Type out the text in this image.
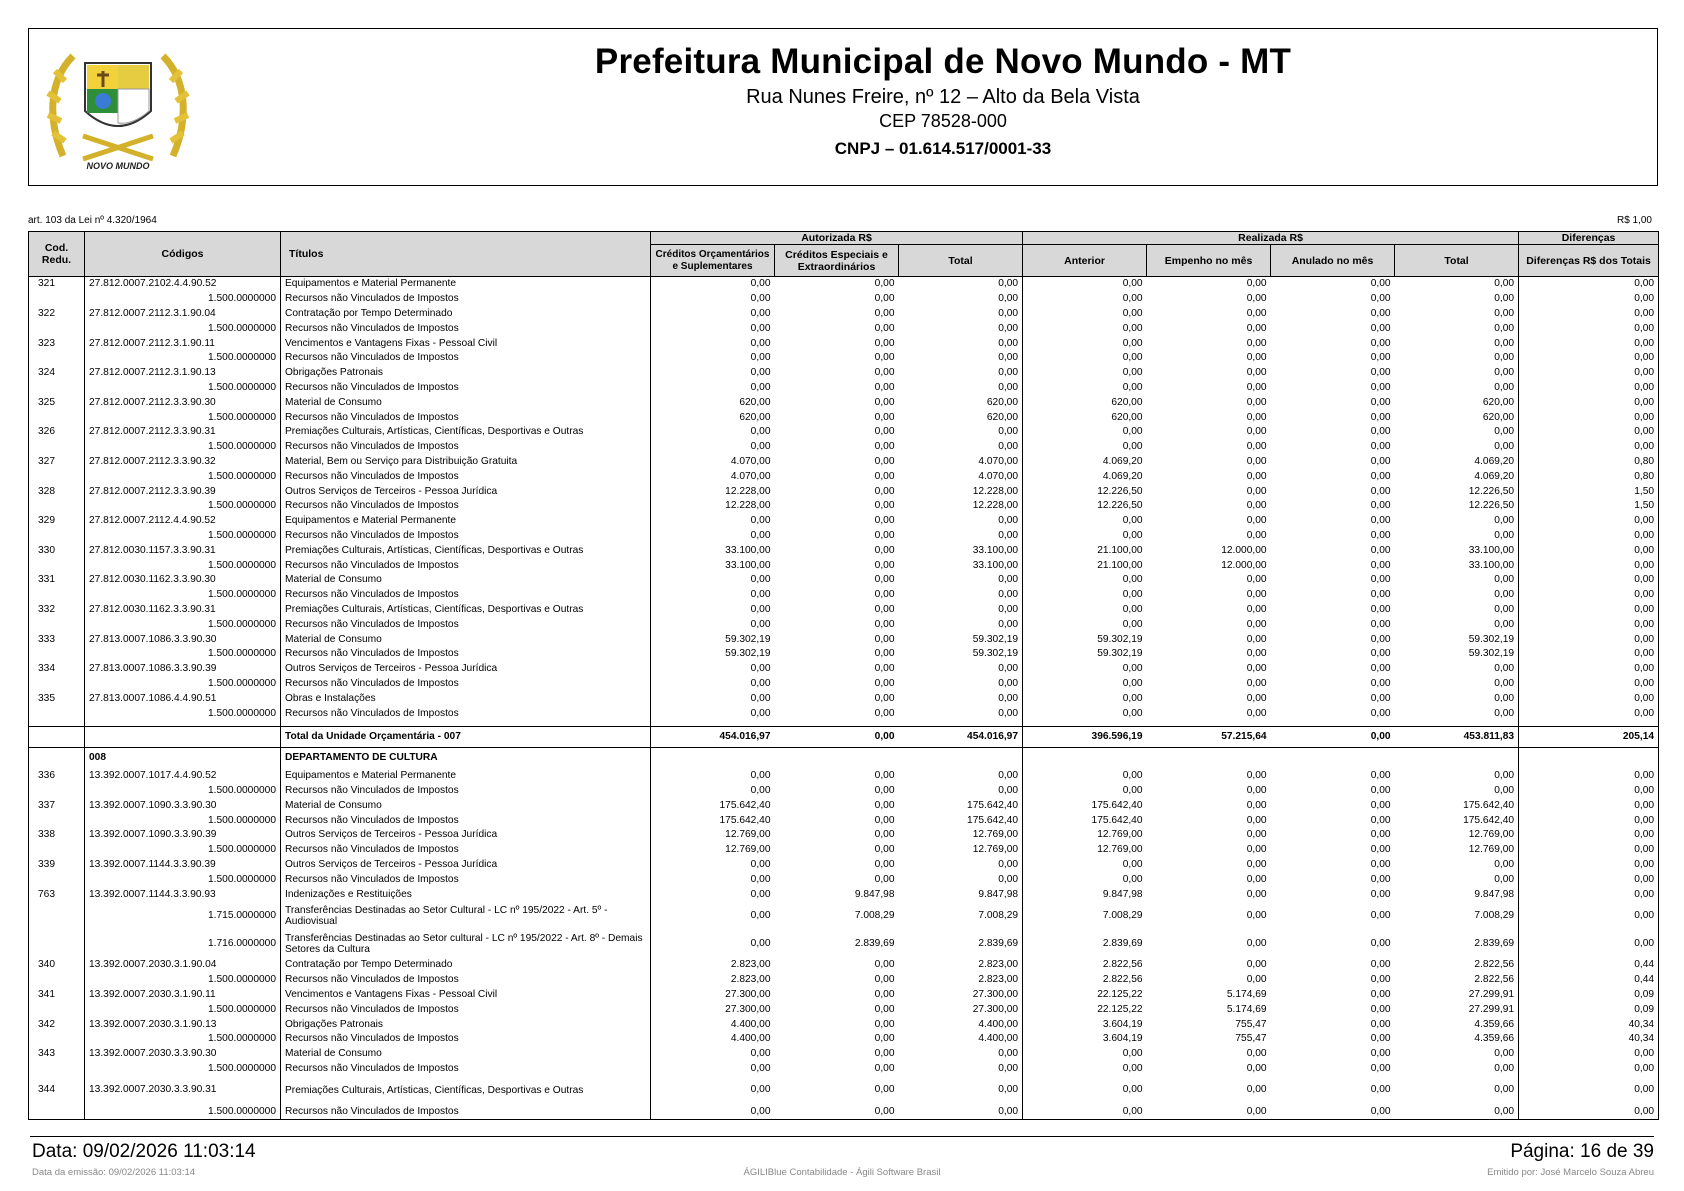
NOVO MUNDO
Prefeitura Municipal de Novo Mundo - MT
Rua Nunes Freire, nº 12 – Alto da Bela Vista
CEP 78528-000
CNPJ – 01.614.517/0001-33
art. 103 da Lei nº 4.320/1964	R$ 1,00
Cod. Redu.	Códigos	Títulos	Autorizada R$			Realizada R$				Diferenças
			Créditos Orçamentários e Suplementares	Créditos Especiais e Extraordinários	Total	Anterior	Empenho no mês	Anulado no mês	Total	Diferenças R$ dos Totais
321	27.812.0007.2102.4.4.90.52	Equipamentos e Material Permanente	0,00	0,00	0,00	0,00	0,00	0,00	0,00	0,00
	1.500.0000000	Recursos não Vinculados de Impostos	0,00	0,00	0,00	0,00	0,00	0,00	0,00	0,00
322	27.812.0007.2112.3.1.90.04	Contratação por Tempo Determinado	0,00	0,00	0,00	0,00	0,00	0,00	0,00	0,00
	1.500.0000000	Recursos não Vinculados de Impostos	0,00	0,00	0,00	0,00	0,00	0,00	0,00	0,00
323	27.812.0007.2112.3.1.90.11	Vencimentos e Vantagens Fixas - Pessoal Civil	0,00	0,00	0,00	0,00	0,00	0,00	0,00	0,00
	1.500.0000000	Recursos não Vinculados de Impostos	0,00	0,00	0,00	0,00	0,00	0,00	0,00	0,00
324	27.812.0007.2112.3.1.90.13	Obrigações Patronais	0,00	0,00	0,00	0,00	0,00	0,00	0,00	0,00
	1.500.0000000	Recursos não Vinculados de Impostos	0,00	0,00	0,00	0,00	0,00	0,00	0,00	0,00
325	27.812.0007.2112.3.3.90.30	Material de Consumo	620,00	0,00	620,00	620,00	0,00	0,00	620,00	0,00
	1.500.0000000	Recursos não Vinculados de Impostos	620,00	0,00	620,00	620,00	0,00	0,00	620,00	0,00
326	27.812.0007.2112.3.3.90.31	Premiações Culturais, Artísticas, Científicas, Desportivas e Outras	0,00	0,00	0,00	0,00	0,00	0,00	0,00	0,00
	1.500.0000000	Recursos não Vinculados de Impostos	0,00	0,00	0,00	0,00	0,00	0,00	0,00	0,00
327	27.812.0007.2112.3.3.90.32	Material, Bem ou Serviço para Distribuição Gratuita	4.070,00	0,00	4.070,00	4.069,20	0,00	0,00	4.069,20	0,80
	1.500.0000000	Recursos não Vinculados de Impostos	4.070,00	0,00	4.070,00	4.069,20	0,00	0,00	4.069,20	0,80
328	27.812.0007.2112.3.3.90.39	Outros Serviços de Terceiros - Pessoa Jurídica	12.228,00	0,00	12.228,00	12.226,50	0,00	0,00	12.226,50	1,50
	1.500.0000000	Recursos não Vinculados de Impostos	12.228,00	0,00	12.228,00	12.226,50	0,00	0,00	12.226,50	1,50
329	27.812.0007.2112.4.4.90.52	Equipamentos e Material Permanente	0,00	0,00	0,00	0,00	0,00	0,00	0,00	0,00
	1.500.0000000	Recursos não Vinculados de Impostos	0,00	0,00	0,00	0,00	0,00	0,00	0,00	0,00
330	27.812.0030.1157.3.3.90.31	Premiações Culturais, Artísticas, Científicas, Desportivas e Outras	33.100,00	0,00	33.100,00	21.100,00	12.000,00	0,00	33.100,00	0,00
	1.500.0000000	Recursos não Vinculados de Impostos	33.100,00	0,00	33.100,00	21.100,00	12.000,00	0,00	33.100,00	0,00
331	27.812.0030.1162.3.3.90.30	Material de Consumo	0,00	0,00	0,00	0,00	0,00	0,00	0,00	0,00
	1.500.0000000	Recursos não Vinculados de Impostos	0,00	0,00	0,00	0,00	0,00	0,00	0,00	0,00
332	27.812.0030.1162.3.3.90.31	Premiações Culturais, Artísticas, Científicas, Desportivas e Outras	0,00	0,00	0,00	0,00	0,00	0,00	0,00	0,00
	1.500.0000000	Recursos não Vinculados de Impostos	0,00	0,00	0,00	0,00	0,00	0,00	0,00	0,00
333	27.813.0007.1086.3.3.90.30	Material de Consumo	59.302,19	0,00	59.302,19	59.302,19	0,00	0,00	59.302,19	0,00
	1.500.0000000	Recursos não Vinculados de Impostos	59.302,19	0,00	59.302,19	59.302,19	0,00	0,00	59.302,19	0,00
334	27.813.0007.1086.3.3.90.39	Outros Serviços de Terceiros - Pessoa Jurídica	0,00	0,00	0,00	0,00	0,00	0,00	0,00	0,00
	1.500.0000000	Recursos não Vinculados de Impostos	0,00	0,00	0,00	0,00	0,00	0,00	0,00	0,00
335	27.813.0007.1086.4.4.90.51	Obras e Instalações	0,00	0,00	0,00	0,00	0,00	0,00	0,00	0,00
	1.500.0000000	Recursos não Vinculados de Impostos	0,00	0,00	0,00	0,00	0,00	0,00	0,00	0,00

		Total da Unidade Orçamentária - 007	454.016,97	0,00	454.016,97	396.596,19	57.215,64	0,00	453.811,83	205,14
	008	DEPARTAMENTO DE CULTURA								
336	13.392.0007.1017.4.4.90.52	Equipamentos e Material Permanente	0,00	0,00	0,00	0,00	0,00	0,00	0,00	0,00
	1.500.0000000	Recursos não Vinculados de Impostos	0,00	0,00	0,00	0,00	0,00	0,00	0,00	0,00
337	13.392.0007.1090.3.3.90.30	Material de Consumo	175.642,40	0,00	175.642,40	175.642,40	0,00	0,00	175.642,40	0,00
	1.500.0000000	Recursos não Vinculados de Impostos	175.642,40	0,00	175.642,40	175.642,40	0,00	0,00	175.642,40	0,00
338	13.392.0007.1090.3.3.90.39	Outros Serviços de Terceiros - Pessoa Jurídica	12.769,00	0,00	12.769,00	12.769,00	0,00	0,00	12.769,00	0,00
	1.500.0000000	Recursos não Vinculados de Impostos	12.769,00	0,00	12.769,00	12.769,00	0,00	0,00	12.769,00	0,00
339	13.392.0007.1144.3.3.90.39	Outros Serviços de Terceiros - Pessoa Jurídica	0,00	0,00	0,00	0,00	0,00	0,00	0,00	0,00
	1.500.0000000	Recursos não Vinculados de Impostos	0,00	0,00	0,00	0,00	0,00	0,00	0,00	0,00
763	13.392.0007.1144.3.3.90.93	Indenizações e Restituições	0,00	9.847,98	9.847,98	9.847,98	0,00	0,00	9.847,98	0,00
	1.715.0000000	Transferências Destinadas ao Setor Cultural - LC nº 195/2022 - Art. 5º - Audiovisual	0,00	7.008,29	7.008,29	7.008,29	0,00	0,00	7.008,29	0,00
	1.716.0000000	Transferências Destinadas ao Setor cultural - LC nº 195/2022 - Art. 8º - Demais Setores da Cultura	0,00	2.839,69	2.839,69	2.839,69	0,00	0,00	2.839,69	0,00
340	13.392.0007.2030.3.1.90.04	Contratação por Tempo Determinado	2.823,00	0,00	2.823,00	2.822,56	0,00	0,00	2.822,56	0,44
	1.500.0000000	Recursos não Vinculados de Impostos	2.823,00	0,00	2.823,00	2.822,56	0,00	0,00	2.822,56	0,44
341	13.392.0007.2030.3.1.90.11	Vencimentos e Vantagens Fixas - Pessoal Civil	27.300,00	0,00	27.300,00	22.125,22	5.174,69	0,00	27.299,91	0,09
	1.500.0000000	Recursos não Vinculados de Impostos	27.300,00	0,00	27.300,00	22.125,22	5.174,69	0,00	27.299,91	0,09
342	13.392.0007.2030.3.1.90.13	Obrigações Patronais	4.400,00	0,00	4.400,00	3.604,19	755,47	0,00	4.359,66	40,34
	1.500.0000000	Recursos não Vinculados de Impostos	4.400,00	0,00	4.400,00	3.604,19	755,47	0,00	4.359,66	40,34
343	13.392.0007.2030.3.3.90.30	Material de Consumo	0,00	0,00	0,00	0,00	0,00	0,00	0,00	0,00
	1.500.0000000	Recursos não Vinculados de Impostos	0,00	0,00	0,00	0,00	0,00	0,00	0,00	0,00
344	13.392.0007.2030.3.3.90.31	Premiações Culturais, Artísticas, Científicas, Desportivas e Outras	0,00	0,00	0,00	0,00	0,00	0,00	0,00	0,00
	1.500.0000000	Recursos não Vinculados de Impostos	0,00	0,00	0,00	0,00	0,00	0,00	0,00	0,00
Data: 09/02/2026 11:03:14	Página: 16 de 39
Data da emissão: 09/02/2026 11:03:14	ÁGILIBlue Contabilidade - Ágili Software Brasil	Emitido por: José Marcelo Souza Abreu
